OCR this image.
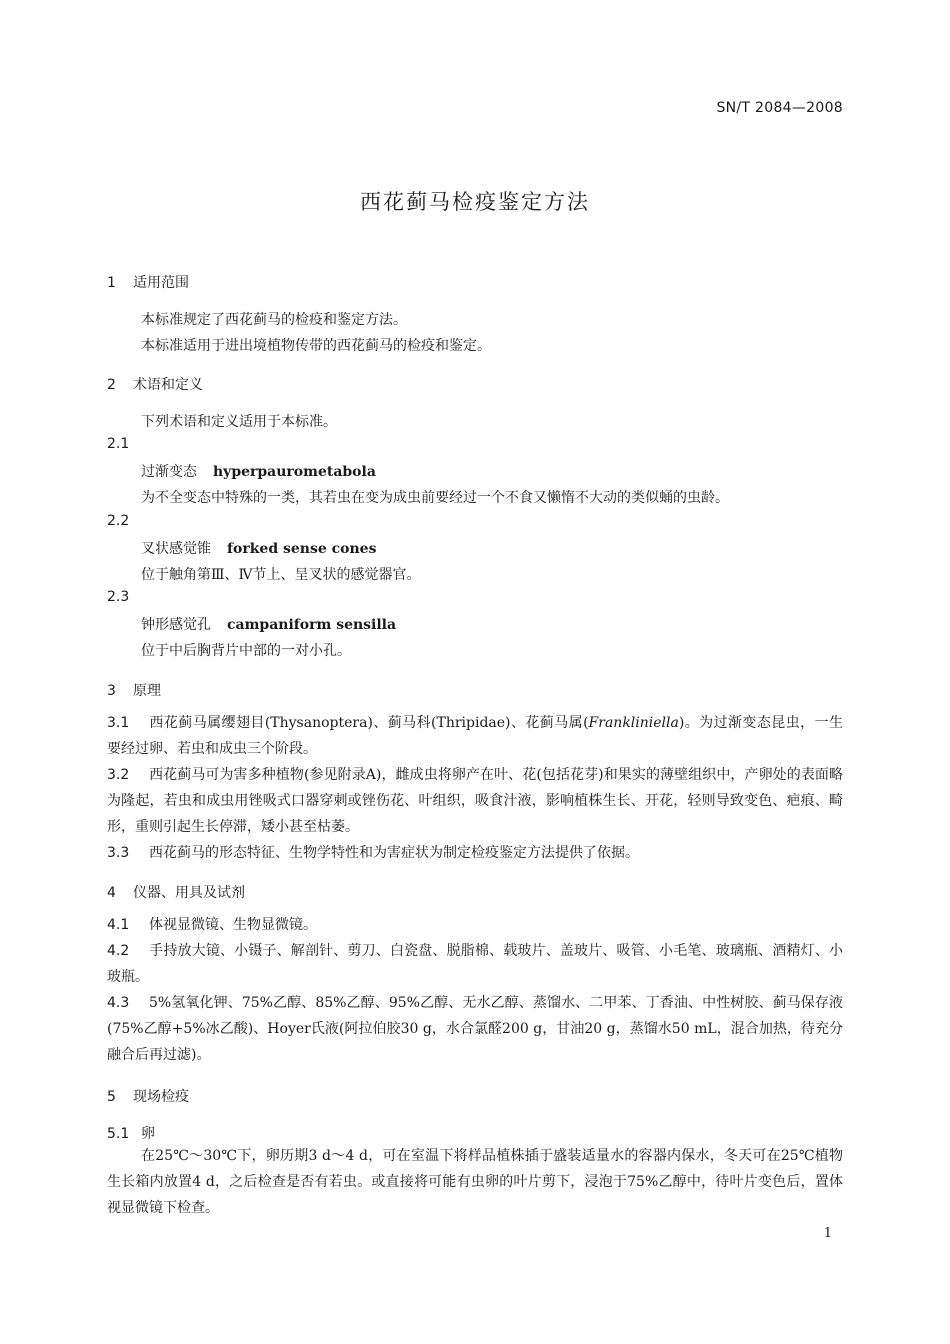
SN/T 2084—2008
西花蓟马检疫鉴定方法
1 适用范围
本标准规定了西花蓟马的检疫和鉴定方法。
本标准适用于进出境植物传带的西花蓟马的检疫和鉴定。
2 术语和定义
下列术语和定义适用于本标准。
2.1
过渐变态 hyperpaurometabola
为不全变态中特殊的一类，其若虫在变为成虫前要经过一个不食又懒惰不大动的类似蛹的虫龄。
2.2
叉状感觉锥 forked sense cones
位于触角第Ⅲ、Ⅳ节上、呈叉状的感觉器官。
2.3
钟形感觉孔 campaniform sensilla
位于中后胸背片中部的一对小孔。
3 原理
3.1 西花蓟马属缨翅目(Thysanoptera)、蓟马科(Thripidae)、花蓟马属(Frankliniella)。为过渐变态昆虫，一生要经过卵、若虫和成虫三个阶段。
3.2 西花蓟马可为害多种植物(参见附录A)，雌成虫将卵产在叶、花(包括花芽)和果实的薄壁组织中，产卵处的表面略为隆起，若虫和成虫用锉吸式口器穿刺或锉伤花、叶组织，吸食汁液，影响植株生长、开花，轻则导致变色、疤痕、畸形，重则引起生长停滞，矮小甚至枯萎。
3.3 西花蓟马的形态特征、生物学特性和为害症状为制定检疫鉴定方法提供了依据。
4 仪器、用具及试剂
4.1 体视显微镜、生物显微镜。
4.2 手持放大镜、小镊子、解剖针、剪刀、白瓷盘、脱脂棉、载玻片、盖玻片、吸管、小毛笔、玻璃瓶、酒精灯、小玻瓶。
4.3 5%氢氧化钾、75%乙醇、85%乙醇、95%乙醇、无水乙醇、蒸馏水、二甲苯、丁香油、中性树胶、蓟马保存液(75%乙醇+5%冰乙酸)、Hoyer氏液(阿拉伯胶30 g，水合氯醛200 g，甘油20 g，蒸馏水50 mL，混合加热，待充分融合后再过滤)。
5 现场检疫
5.1 卵
在25℃～30℃下，卵历期3 d～4 d，可在室温下将样品植株插于盛装适量水的容器内保水，冬天可在25℃植物生长箱内放置4 d，之后检查是否有若虫。或直接将可能有虫卵的叶片剪下，浸泡于75%乙醇中，待叶片变色后，置体视显微镜下检查。
1
